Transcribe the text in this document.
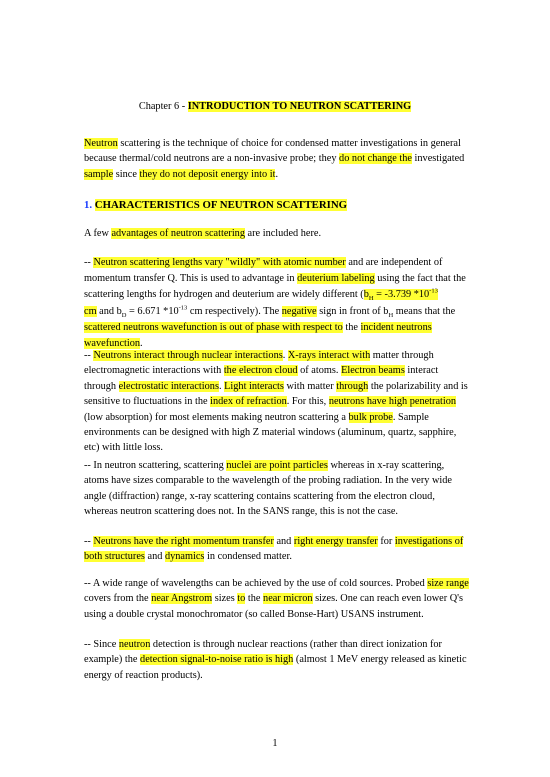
Chapter 6 - INTRODUCTION TO NEUTRON SCATTERING

Neutron scattering is the technique of choice for condensed matter investigations in general because thermal/cold neutrons are a non-invasive probe; they do not change the investigated sample since they do not deposit energy into it.

1. CHARACTERISTICS OF NEUTRON SCATTERING

A few advantages of neutron scattering are included here.

-- Neutron scattering lengths vary "wildly" with atomic number and are independent of momentum transfer Q. This is used to advantage in deuterium labeling using the fact that the scattering lengths for hydrogen and deuterium are widely different ($b_H = -3.739$ $*10^{-13}$
cm and $b_D = 6.671$ $*10^{-13}$ cm respectively). The negative sign in front of $b_H$ means that the scattered neutrons wavefunction is out of phase with respect to the incident neutrons wavefunction.

-- Neutrons interact through nuclear interactions. X-rays interact with matter through electromagnetic interactions with the electron cloud of atoms. Electron beams interact through electrostatic interactions. Light interacts with matter through the polarizability and is sensitive to fluctuations in the index of refraction. For this, neutrons have high penetration (low absorption) for most elements making neutron scattering a bulk probe. Sample environments can be designed with high Z material windows (aluminum, quartz, sapphire, etc) with little loss.

-- In neutron scattering, scattering nuclei are point particles whereas in x-ray scattering, atoms have sizes comparable to the wavelength of the probing radiation. In the very wide angle (diffraction) range, x-ray scattering contains scattering from the electron cloud, whereas neutron scattering does not. In the SANS range, this is not the case.

-- Neutrons have the right momentum transfer and right energy transfer for investigations of both structures and dynamics in condensed matter.

-- A wide range of wavelengths can be achieved by the use of cold sources. Probed size range covers from the near Angstrom sizes to the near micron sizes. One can reach even lower Q's using a double crystal monochromator (so called Bonse-Hart) USANS instrument.

-- Since neutron detection is through nuclear reactions (rather than direct ionization for example) the detection signal-to-noise ratio is high (almost 1 MeV energy released as kinetic energy of reaction products).

1
